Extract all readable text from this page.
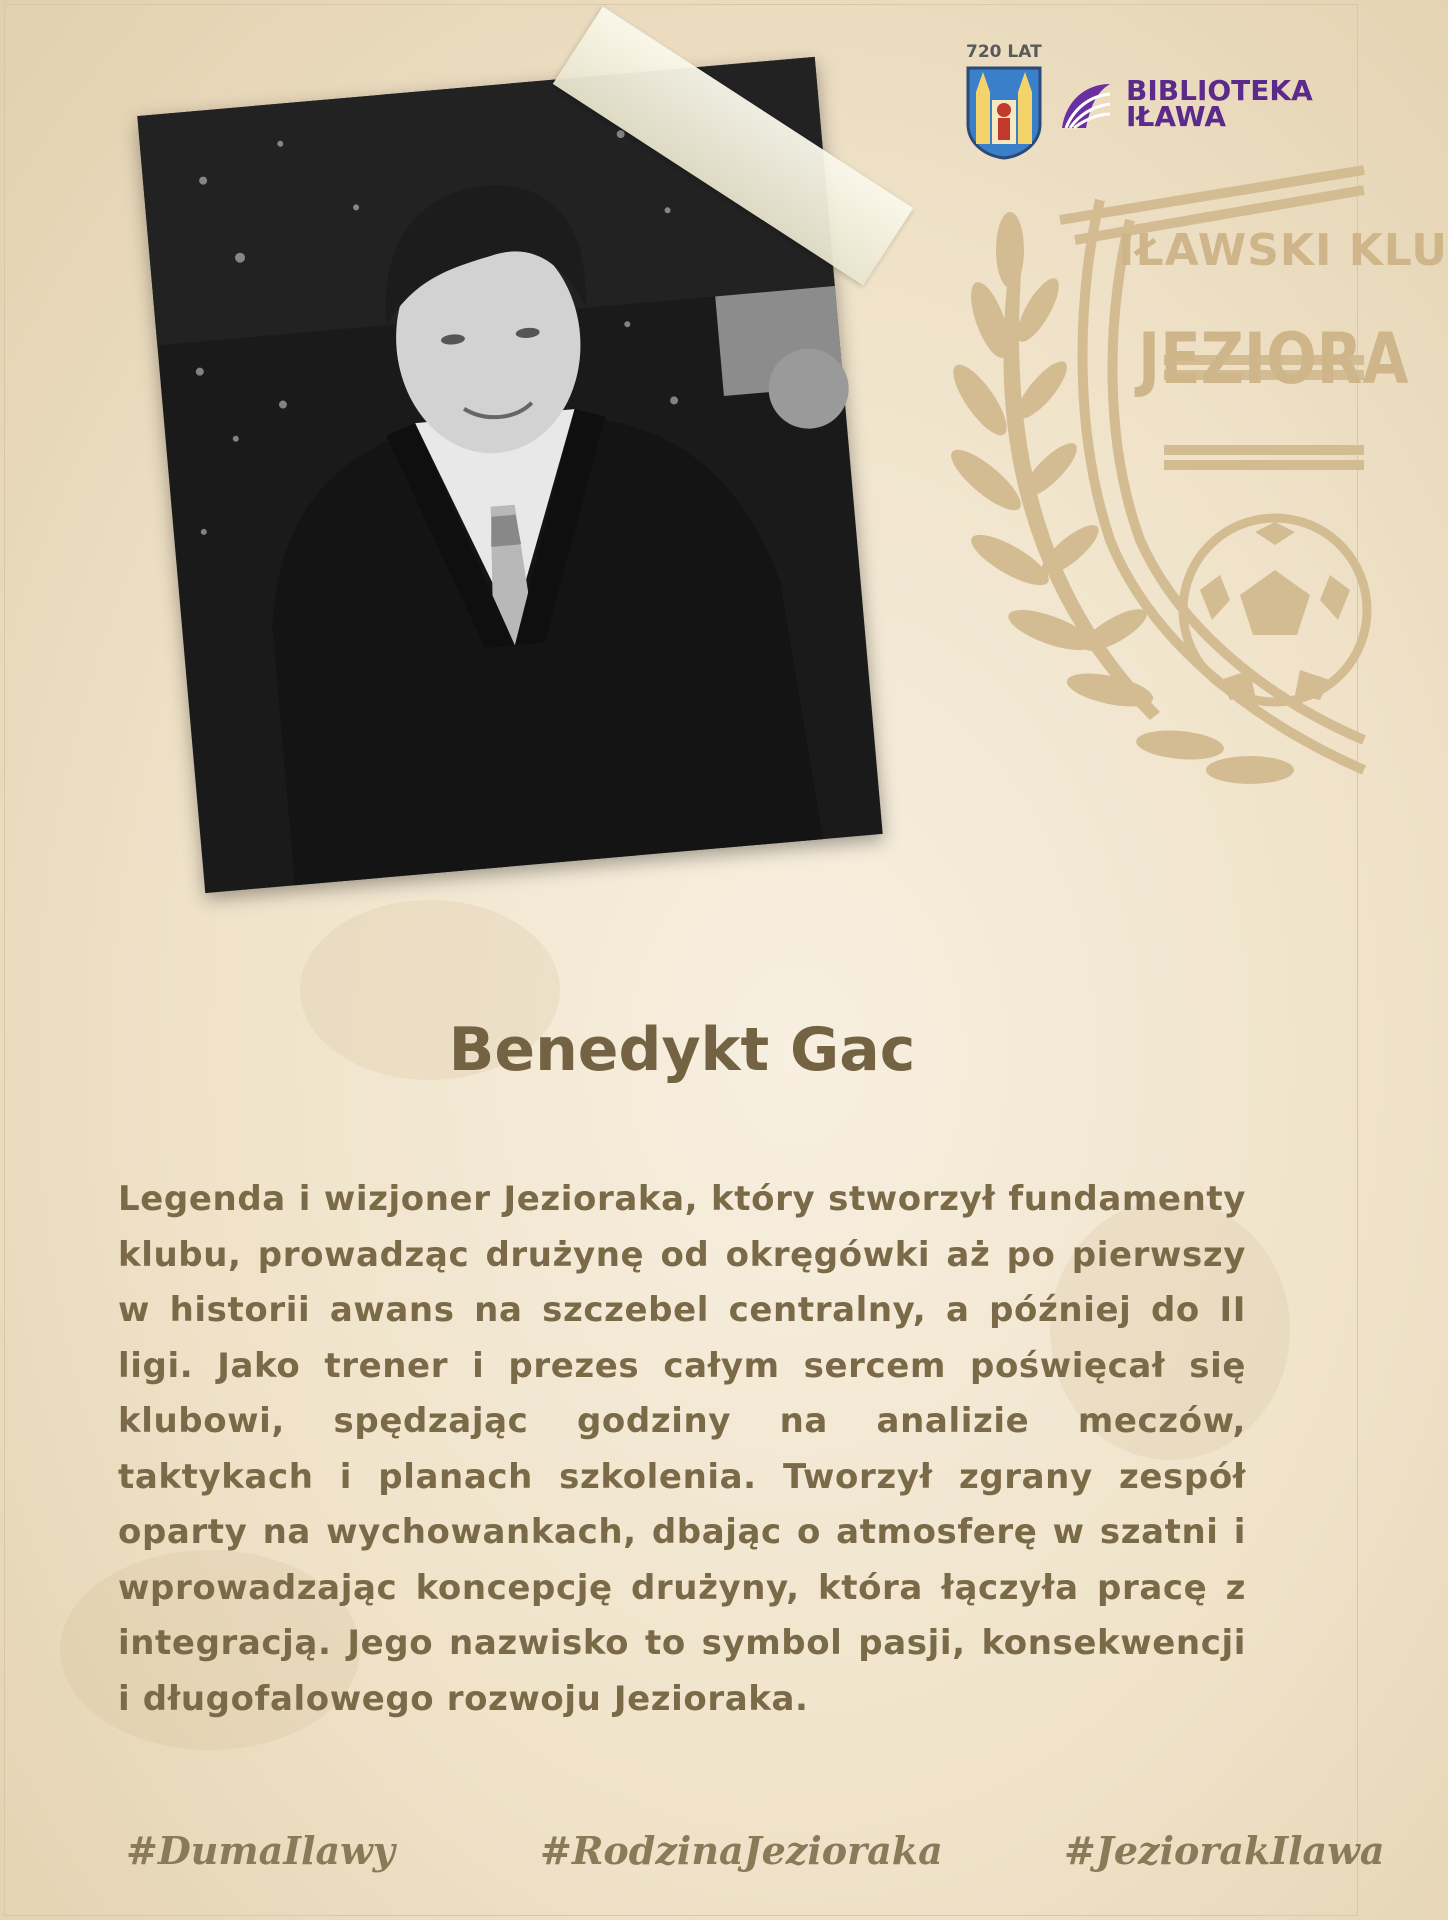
IŁAWSKI KLU
JEZIORA
720 LAT
BIBLIOTEKA
IŁAWA
Benedykt Gac
Legenda i wizjoner Jezioraka, który stworzył fundamenty klubu, prowadząc drużynę od okręgówki aż po pierwszy w historii awans na szczebel centralny, a później do II ligi. Jako trener i prezes całym sercem poświęcał się klubowi, spędzając godziny na analizie meczów, taktykach i planach szkolenia. Tworzył zgrany zespół oparty na wychowankach, dbając o atmosferę w szatni i wprowadzając koncepcję drużyny, która łączyła pracę z integracją. Jego nazwisko to symbol pasji, konsekwencji i długofalowego rozwoju Jezioraka.
#DumaIlawy	#RodzinaJezioraka	#JeziorakIlawa
